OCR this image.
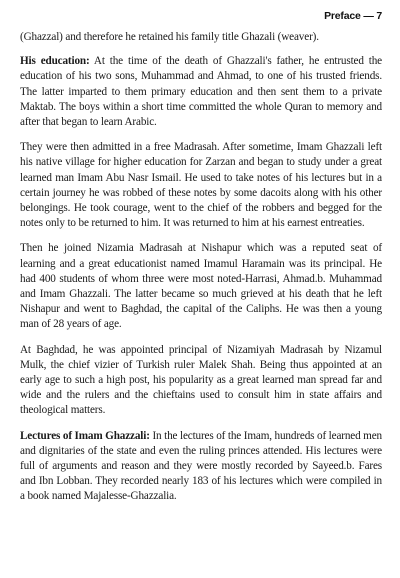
Preface — 7

(Ghazzal) and therefore he retained his family title Ghazali (weaver).

His education: At the time of the death of Ghazzali's father, he entrusted the education of his two sons, Muhammad and Ahmad, to one of his trusted friends. The latter imparted to them primary education and then sent them to a private Maktab. The boys within a short time committed the whole Quran to memory and after that began to learn Arabic.

They were then admitted in a free Madrasah. After sometime, Imam Ghazzali left his native village for higher education for Zarzan and began to study under a great learned man Imam Abu Nasr Ismail. He used to take notes of his lectures but in a certain journey he was robbed of these notes by some dacoits along with his other belongings. He took courage, went to the chief of the robbers and begged for the notes only to be returned to him. It was returned to him at his earnest entreaties.

Then he joined Nizamia Madrasah at Nishapur which was a reputed seat of learning and a great educationist named Imamul Haramain was its principal. He had 400 students of whom three were most noted-Harrasi, Ahmad.b. Muhammad and Imam Ghazzali. The latter became so much grieved at his death that he left Nishapur and went to Baghdad, the capital of the Caliphs. He was then a young man of 28 years of age.

At Baghdad, he was appointed principal of Nizamiyah Madrasah by Nizamul Mulk, the chief vizier of Turkish ruler Malek Shah. Being thus appointed at an early age to such a high post, his popularity as a great learned man spread far and wide and the rulers and the chieftains used to consult him in state affairs and theological matters.

Lectures of Imam Ghazzali: In the lectures of the Imam, hundreds of learned men and dignitaries of the state and even the ruling princes attended. His lectures were full of arguments and reason and they were mostly recorded by Sayeed.b. Fares and Ibn Lobban. They recorded nearly 183 of his lectures which were compiled in a book named Majalesse-Ghazzalia.
